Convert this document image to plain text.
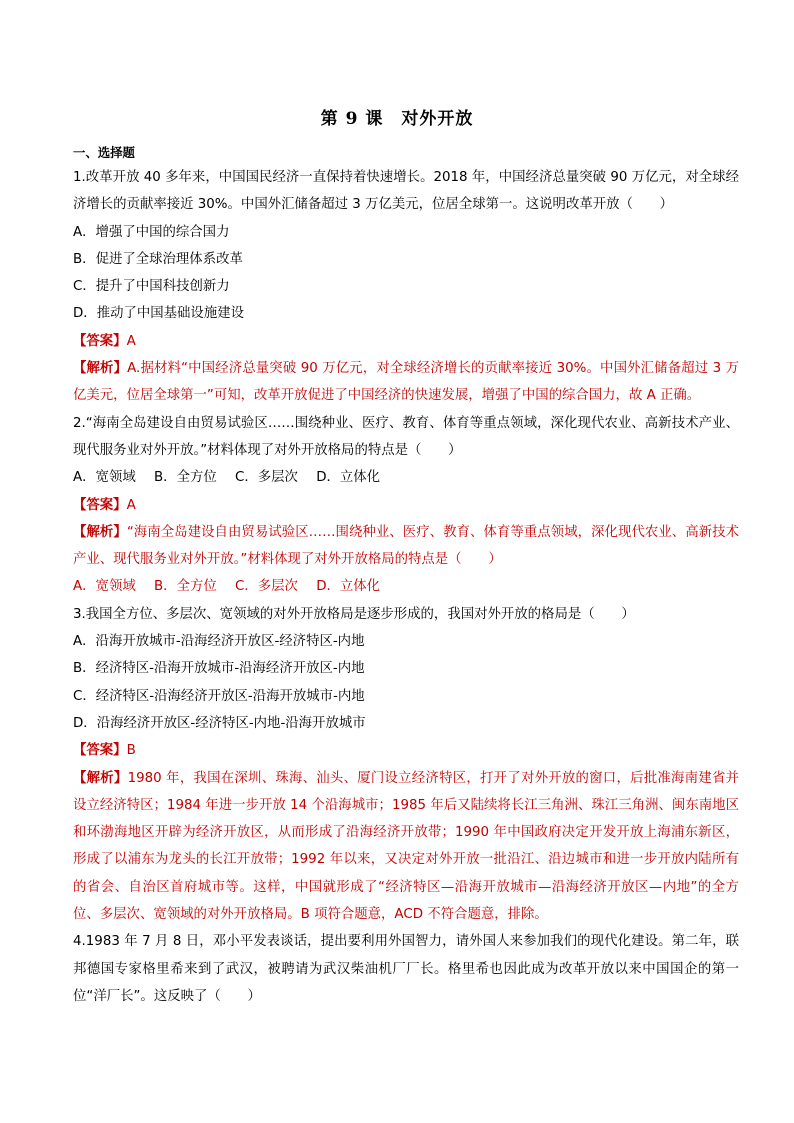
第 9 课　对外开放
一、选择题
1.改革开放 40 多年来，中国国民经济一直保持着快速增长。2018 年，中国经济总量突破 90 万亿元，对全球经济增长的贡献率接近 30%。中国外汇储备超过 3 万亿美元，位居全球第一。这说明改革开放（　　）
A．增强了中国的综合国力
B．促进了全球治理体系改革
C．提升了中国科技创新力
D．推动了中国基础设施建设
【答案】A
【解析】A.据材料“中国经济总量突破 90 万亿元，对全球经济增长的贡献率接近 30%。中国外汇储备超过 3 万亿美元，位居全球第一”可知，改革开放促进了中国经济的快速发展，增强了中国的综合国力，故 A 正确。
2.“海南全岛建设自由贸易试验区……围绕种业、医疗、教育、体育等重点领域，深化现代农业、高新技术产业、现代服务业对外开放。”材料体现了对外开放格局的特点是（　　）
A．宽领域 B．全方位 C．多层次 D．立体化
【答案】A
【解析】“海南全岛建设自由贸易试验区……围绕种业、医疗、教育、体育等重点领域，深化现代农业、高新技术产业、现代服务业对外开放。”材料体现了对外开放格局的特点是（　　）
A．宽领域 B．全方位 C．多层次 D．立体化
3.我国全方位、多层次、宽领域的对外开放格局是逐步形成的，我国对外开放的格局是（　　）
A．沿海开放城市-沿海经济开放区-经济特区-内地
B．经济特区-沿海开放城市-沿海经济开放区-内地
C．经济特区-沿海经济开放区-沿海开放城市-内地
D．沿海经济开放区-经济特区-内地-沿海开放城市
【答案】B
【解析】1980 年，我国在深圳、珠海、汕头、厦门设立经济特区，打开了对外开放的窗口，后批准海南建省并设立经济特区；1984 年进一步开放 14 个沿海城市；1985 年后又陆续将长江三角洲、珠江三角洲、闽东南地区和环渤海地区开辟为经济开放区，从而形成了沿海经济开放带；1990 年中国政府决定开发开放上海浦东新区，形成了以浦东为龙头的长江开放带；1992 年以来，又决定对外开放一批沿江、沿边城市和进一步开放内陆所有的省会、自治区首府城市等。这样，中国就形成了“经济特区—沿海开放城市—沿海经济开放区—内地”的全方位、多层次、宽领域的对外开放格局。B 项符合题意，ACD 不符合题意，排除。
4.1983 年 7 月 8 日，邓小平发表谈话，提出要利用外国智力，请外国人来参加我们的现代化建设。第二年，联邦德国专家格里希来到了武汉，被聘请为武汉柴油机厂厂长。格里希也因此成为改革开放以来中国国企的第一位“洋厂长”。这反映了（　　）
